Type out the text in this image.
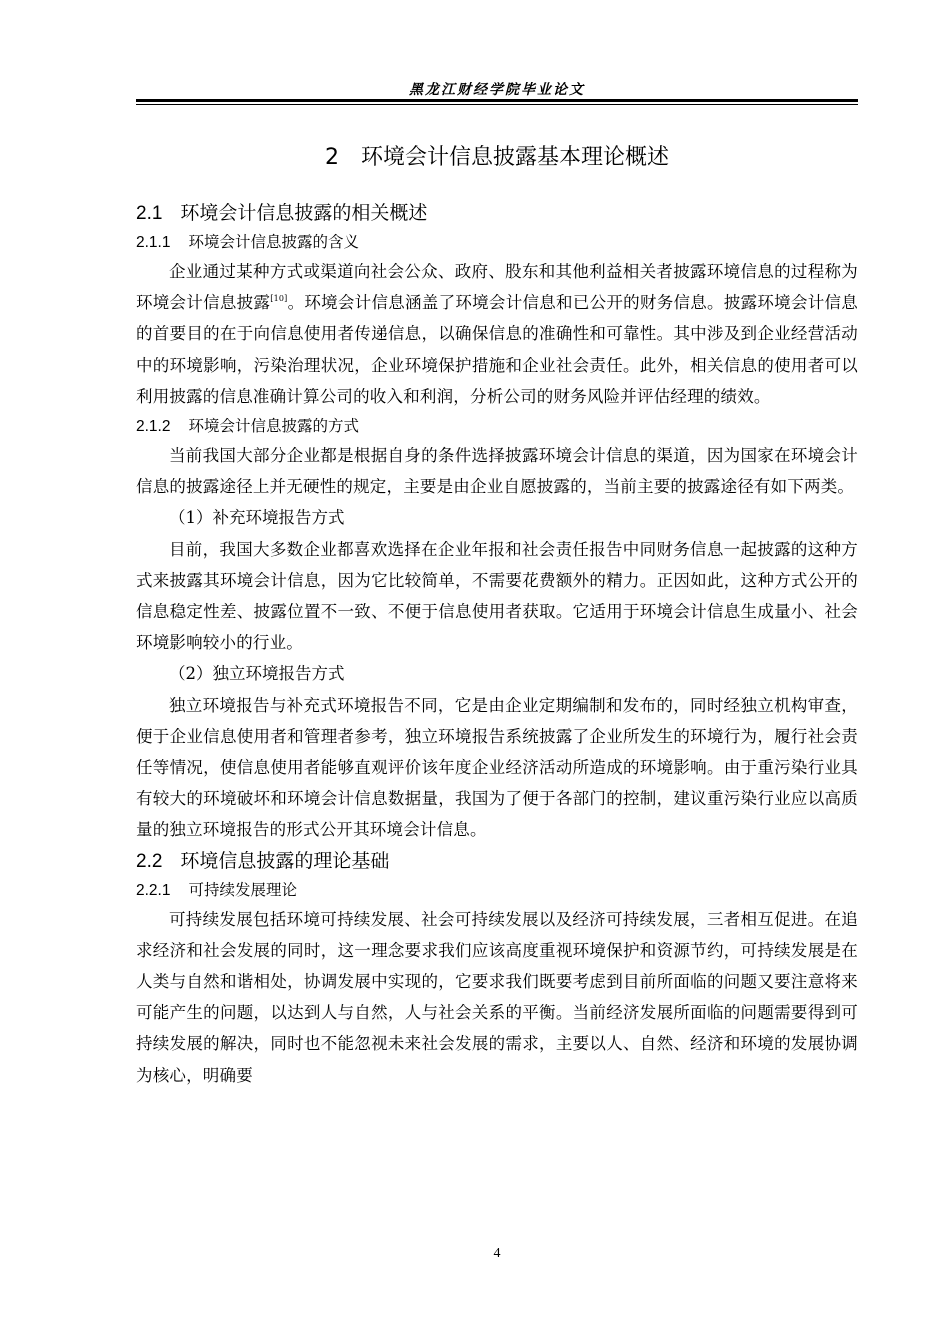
黑龙江财经学院毕业论文
2 环境会计信息披露基本理论概述
2.1 环境会计信息披露的相关概述
2.1.1 环境会计信息披露的含义

企业通过某种方式或渠道向社会公众、政府、股东和其他利益相关者披露环境信息的过程称为环境会计信息披露[10]。环境会计信息涵盖了环境会计信息和已公开的财务信息。披露环境会计信息的首要目的在于向信息使用者传递信息，以确保信息的准确性和可靠性。其中涉及到企业经营活动中的环境影响，污染治理状况，企业环境保护措施和企业社会责任。此外，相关信息的使用者可以利用披露的信息准确计算公司的收入和利润，分析公司的财务风险并评估经理的绩效。

2.1.2 环境会计信息披露的方式

当前我国大部分企业都是根据自身的条件选择披露环境会计信息的渠道，因为国家在环境会计信息的披露途径上并无硬性的规定，主要是由企业自愿披露的，当前主要的披露途径有如下两类。

（1）补充环境报告方式

目前，我国大多数企业都喜欢选择在企业年报和社会责任报告中同财务信息一起披露的这种方式来披露其环境会计信息，因为它比较简单，不需要花费额外的精力。正因如此，这种方式公开的信息稳定性差、披露位置不一致、不便于信息使用者获取。它适用于环境会计信息生成量小、社会环境影响较小的行业。

（2）独立环境报告方式

独立环境报告与补充式环境报告不同，它是由企业定期编制和发布的，同时经独立机构审查，便于企业信息使用者和管理者参考，独立环境报告系统披露了企业所发生的环境行为，履行社会责任等情况，使信息使用者能够直观评价该年度企业经济活动所造成的环境影响。由于重污染行业具有较大的环境破坏和环境会计信息数据量，我国为了便于各部门的控制，建议重污染行业应以高质量的独立环境报告的形式公开其环境会计信息。

2.2 环境信息披露的理论基础
2.2.1 可持续发展理论

可持续发展包括环境可持续发展、社会可持续发展以及经济可持续发展，三者相互促进。在追求经济和社会发展的同时，这一理念要求我们应该高度重视环境保护和资源节约，可持续发展是在人类与自然和谐相处，协调发展中实现的，它要求我们既要考虑到目前所面临的问题又要注意将来可能产生的问题，以达到人与自然，人与社会关系的平衡。当前经济发展所面临的问题需要得到可持续发展的解决，同时也不能忽视未来社会发展的需求，主要以人、自然、经济和环境的发展协调为核心，明确要

4
